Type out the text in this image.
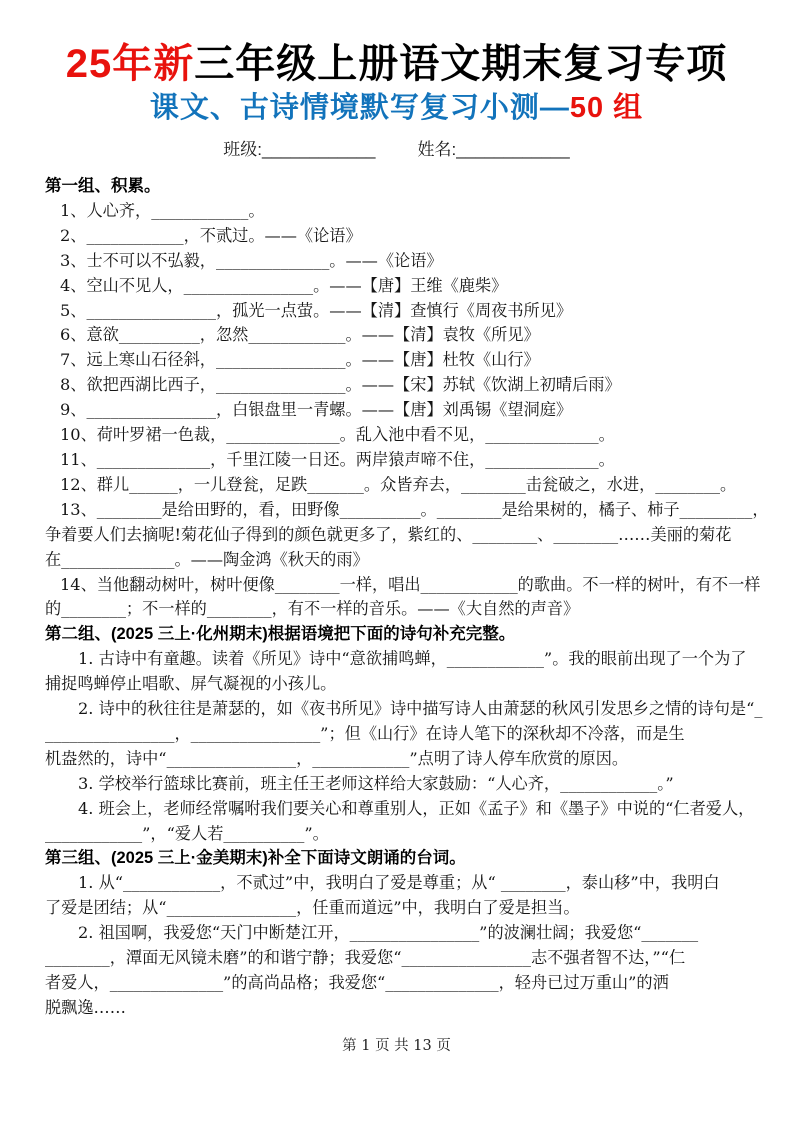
25年新三年级上册语文期末复习专项
课文、古诗情境默写复习小测—50 组
班级:____________ 姓名:____________
第一组、积累。
1、人心齐，____________。
2、____________，不贰过。——《论语》
3、士不可以不弘毅，______________。——《论语》
4、空山不见人，________________。——【唐】王维《鹿柴》
5、________________，孤光一点萤。——【清】查慎行《周夜书所见》
6、意欲__________，忽然____________。——【清】袁牧《所见》
7、远上寒山石径斜，________________。——【唐】杜牧《山行》
8、欲把西湖比西子，________________。——【宋】苏轼《饮湖上初晴后雨》
9、________________，白银盘里一青螺。——【唐】刘禹锡《望洞庭》
10、荷叶罗裙一色裁，______________。乱入池中看不见，______________。
11、______________，千里江陵一日还。两岸猿声啼不住，______________。
12、群儿______，一儿登瓮，足跌_______。众皆弃去，________击瓮破之，水进，________。
13、________是给田野的，看，田野像__________。________是给果树的，橘子、柿子_________，
争着要人们去摘呢!菊花仙子得到的颜色就更多了，紫红的、________、________……美丽的菊花
在______________。——陶金鸿《秋天的雨》
14、当他翻动树叶，树叶便像________一样，唱出____________的歌曲。不一样的树叶，有不一样
的________；不一样的________，有不一样的音乐。——《大自然的声音》
第二组、(2025 三上·化州期末)根据语境把下面的诗句补充完整。
1. 古诗中有童趣。读着《所见》诗中“意欲捕鸣蝉，____________”。我的眼前出现了一个为了
捕捉鸣蝉停止唱歌、屏气凝视的小孩儿。
2. 诗中的秋往往是萧瑟的，如《夜书所见》诗中描写诗人由萧瑟的秋风引发思乡之情的诗句是“_
________________，________________”；但《山行》在诗人笔下的深秋却不冷落，而是生
机盎然的，诗中“________________，____________”点明了诗人停车欣赏的原因。
3. 学校举行篮球比赛前，班主任王老师这样给大家鼓励：“人心齐，____________。”
4. 班会上，老师经常嘱咐我们要关心和尊重别人，正如《孟子》和《墨子》中说的“仁者爱人，
____________”，“爱人若__________”。
第三组、(2025 三上·金美期末)补全下面诗文朗诵的台词。
1. 从“____________，不贰过”中，我明白了爱是尊重；从“ ________，泰山移”中，我明白
了爱是团结；从“________________，任重而道远”中，我明白了爱是担当。
2. 祖国啊，我爱您“天门中断楚江开，________________”的波澜壮阔；我爱您“_______
________，潭面无风镜未磨”的和谐宁静；我爱您“________________志不强者智不达，”“仁
者爱人，______________”的高尚品格；我爱您“______________，轻舟已过万重山”的洒
脱飘逸……
第 1 页 共 13 页
